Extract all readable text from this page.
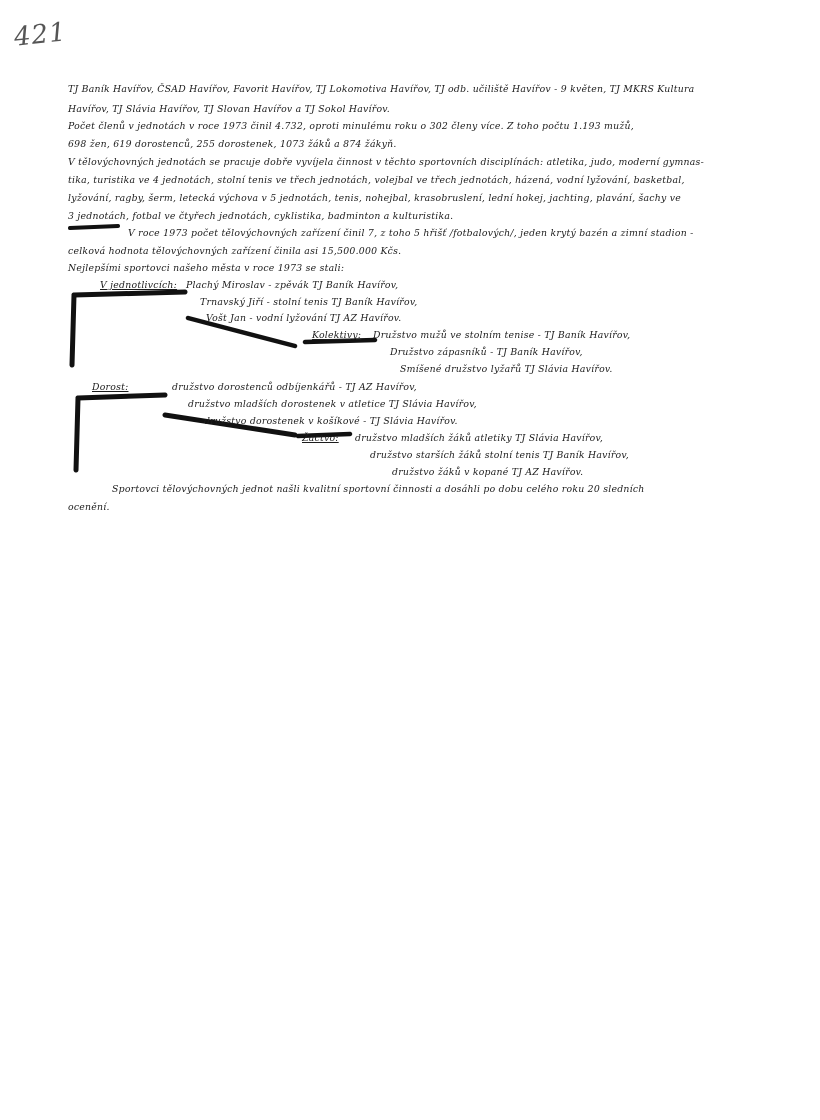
421
TJ Baník Havířov, ČSAD Havířov, Favorit Havířov, TJ Lokomotiva Havířov, TJ odb. učiliště Havířov - 9 květen, TJ MKRS Kultura
Havířov, TJ Slávia Havířov, TJ Slovan Havířov a TJ Sokol Havířov.
Počet členů v jednotách v roce 1973 činil 4.732, oproti minulému roku o 302 členy více. Z toho počtu 1.193 mužů,
698 žen, 619 dorostenců, 255 dorostenek, 1073 žáků a 874 žákyň.
V tělovýchovných jednotách se pracuje dobře vyvíjela činnost v těchto sportovních disciplínách: atletika, judo, moderní gymnas-
tika, turistika ve 4 jednotách, stolní tenis ve třech jednotách, volejbal ve třech jednotách, házená, vodní lyžování, basketbal,
lyžování, ragby, šerm, letecká výchova v 5 jednotách, tenis, nohejbal, krasobruslení, lední hokej, jachting, plavání, šachy ve
3 jednotách, fotbal ve čtyřech jednotách, cyklistika, badminton a kulturistika.
V roce 1973 počet tělovýchovných zařízení činil 7, z toho 5 hřišť /fotbalových/, jeden krytý bazén a zimní stadion -
celková hodnota tělovýchovných zařízení činila asi 15,500.000 Kčs.
Nejlepšími sportovci našeho města v roce 1973 se stali:
V jednotlivcích: Plachý Miroslav - zpěvák TJ Baník Havířov,
Trnavský Jiří - stolní tenis TJ Baník Havířov,
Vošt Jan - vodní lyžování TJ AZ Havířov.
Kolektivy: Družstvo mužů ve stolním tenise - TJ Baník Havířov,
Družstvo zápasníků - TJ Baník Havířov,
Smíšené družstvo lyžařů TJ Slávia Havířov.
Dorost:	družstvo dorostenců odbíjenkářů - TJ AZ Havířov,
družstvo mladších dorostenek v atletice TJ Slávia Havířov,
družstvo dorostenek v košíkové - TJ Slávia Havířov.
Žactvo: družstvo mladších žáků atletiky TJ Slávia Havířov,
družstvo starších žáků stolní tenis TJ Baník Havířov,
družstvo žáků v kopané TJ AZ Havířov.
Sportovci tělovýchovných jednot našli kvalitní sportovní činnosti a dosáhli po dobu celého roku 20 sledních
ocenění.
